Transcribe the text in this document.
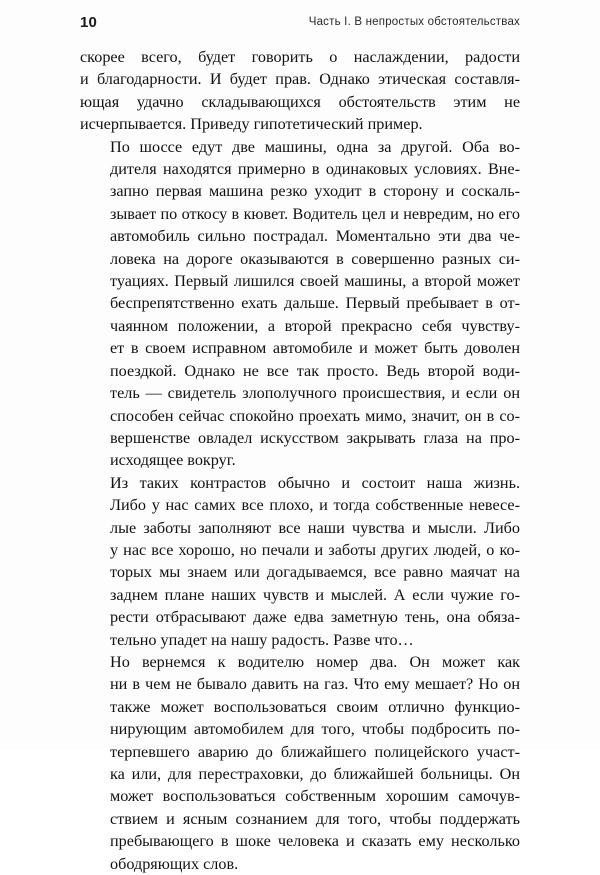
10	Часть I. В непростых обстоятельствах

скорее всего, будет говорить о наслаждении, радости
и благодарности. И будет прав. Однако этическая составля-
ющая удачно складывающихся обстоятельств этим не
исчерпывается. Приведу гипотетический пример.

По шоссе едут две машины, одна за другой. Оба во-
дителя находятся примерно в одинаковых условиях. Вне-
запно первая машина резко уходит в сторону и соскаль-
зывает по откосу в кювет. Водитель цел и невредим, но его
автомобиль сильно пострадал. Моментально эти два че-
ловека на дороге оказываются в совершенно разных си-
туациях. Первый лишился своей машины, а второй может
беспрепятственно ехать дальше. Первый пребывает в от-
чаянном положении, а второй прекрасно себя чувству-
ет в своем исправном автомобиле и может быть доволен
поездкой. Однако не все так просто. Ведь второй води-
тель — свидетель злополучного происшествия, и если он
способен сейчас спокойно проехать мимо, значит, он в со-
вершенстве овладел искусством закрывать глаза на про-
исходящее вокруг.

Из таких контрастов обычно и состоит наша жизнь.
Либо у нас самих все плохо, и тогда собственные невесе-
лые заботы заполняют все наши чувства и мысли. Либо
у нас все хорошо, но печали и заботы других людей, о ко-
торых мы знаем или догадываемся, все равно маячат на
заднем плане наших чувств и мыслей. А если чужие го-
рести отбрасывают даже едва заметную тень, она обяза-
тельно упадет на нашу радость. Разве что…

Но вернемся к водителю номер два. Он может как
ни в чем не бывало давить на газ. Что ему мешает? Но он
также может воспользоваться своим отлично функцио-
нирующим автомобилем для того, чтобы подбросить по-
терпевшего аварию до ближайшего полицейского участ-
ка или, для перестраховки, до ближайшей больницы. Он
может воспользоваться собственным хорошим самочув-
ствием и ясным сознанием для того, чтобы поддержать
пребывающего в шоке человека и сказать ему несколько
ободряющих слов.
